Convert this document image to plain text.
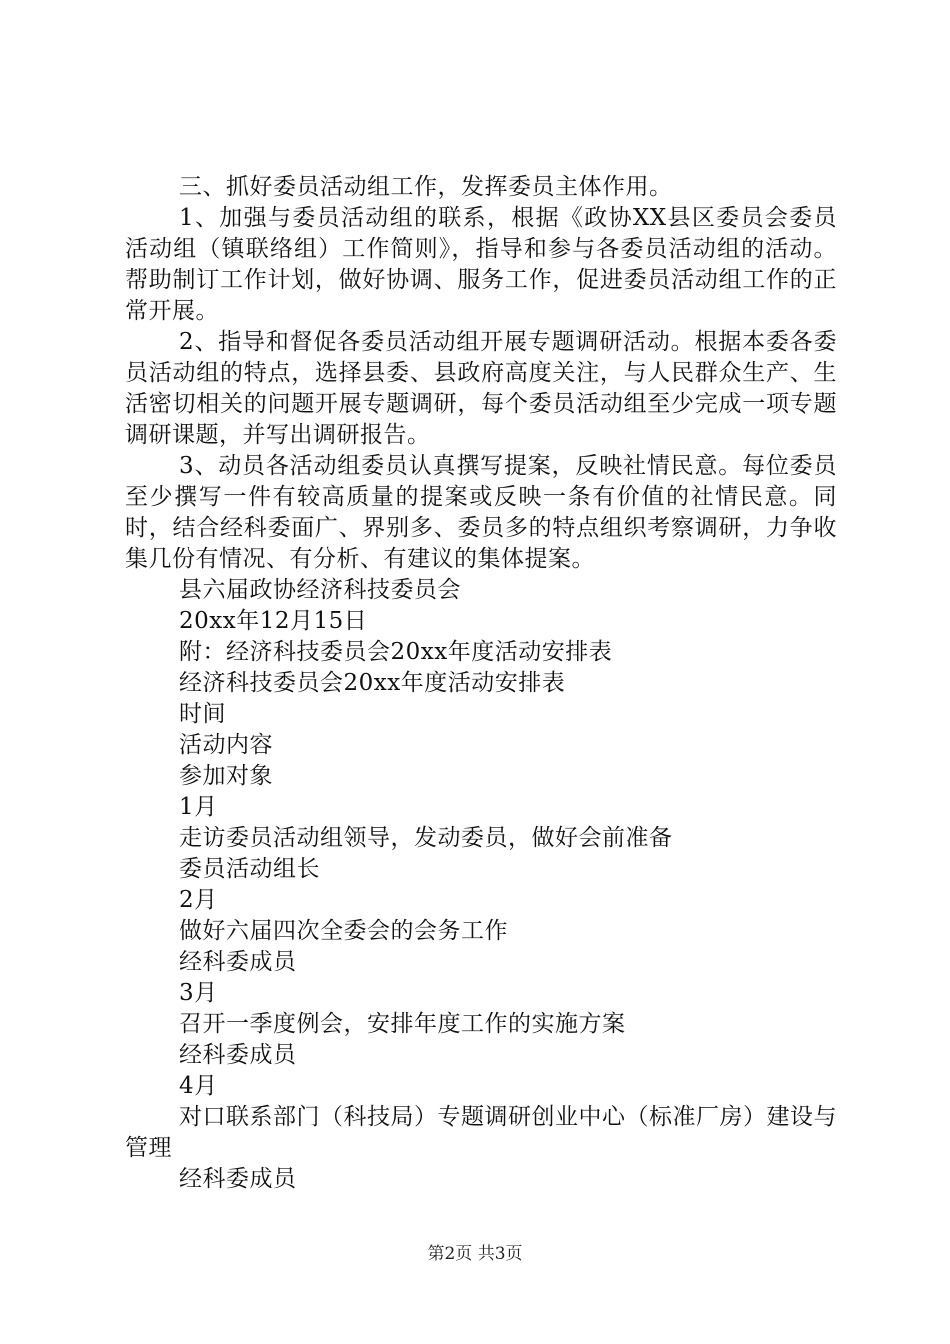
三、抓好委员活动组工作，发挥委员主体作用。

1、加强与委员活动组的联系，根据《政协XX县区委员会委员活动组（镇联络组）工作简则》，指导和参与各委员活动组的活动。帮助制订工作计划，做好协调、服务工作，促进委员活动组工作的正常开展。

2、指导和督促各委员活动组开展专题调研活动。根据本委各委员活动组的特点，选择县委、县政府高度关注，与人民群众生产、生活密切相关的问题开展专题调研，每个委员活动组至少完成一项专题调研课题，并写出调研报告。

3、动员各活动组委员认真撰写提案，反映社情民意。每位委员至少撰写一件有较高质量的提案或反映一条有价值的社情民意。同时，结合经科委面广、界别多、委员多的特点组织考察调研，力争收集几份有情况、有分析、有建议的集体提案。

县六届政协经济科技委员会

20xx年12月15日

附：经济科技委员会20xx年度活动安排表

经济科技委员会20xx年度活动安排表

时间

活动内容

参加对象

1月

走访委员活动组领导，发动委员，做好会前准备

委员活动组长

2月

做好六届四次全委会的会务工作

经科委成员

3月

召开一季度例会，安排年度工作的实施方案

经科委成员

4月

对口联系部门（科技局）专题调研创业中心（标准厂房）建设与管理

经科委成员

第2页 共3页
